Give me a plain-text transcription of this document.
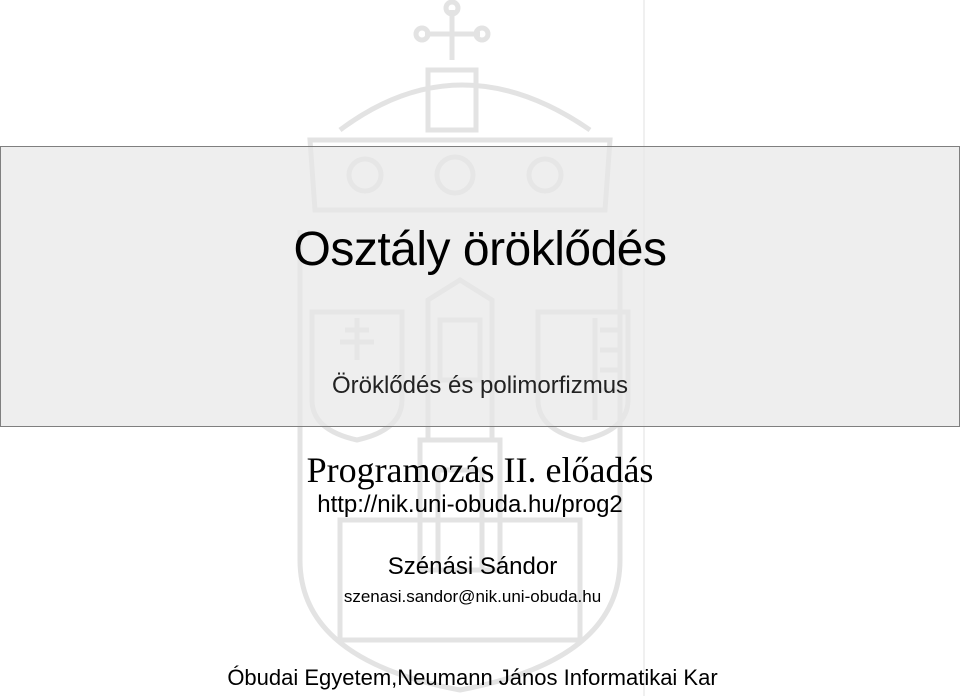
Osztály öröklődés
Öröklődés és polimorfizmus
Programozás II. előadás
http://nik.uni-obuda.hu/prog2
Szénási Sándor
szenasi.sandor@nik.uni-obuda.hu
Óbudai Egyetem,Neumann János Informatikai Kar
